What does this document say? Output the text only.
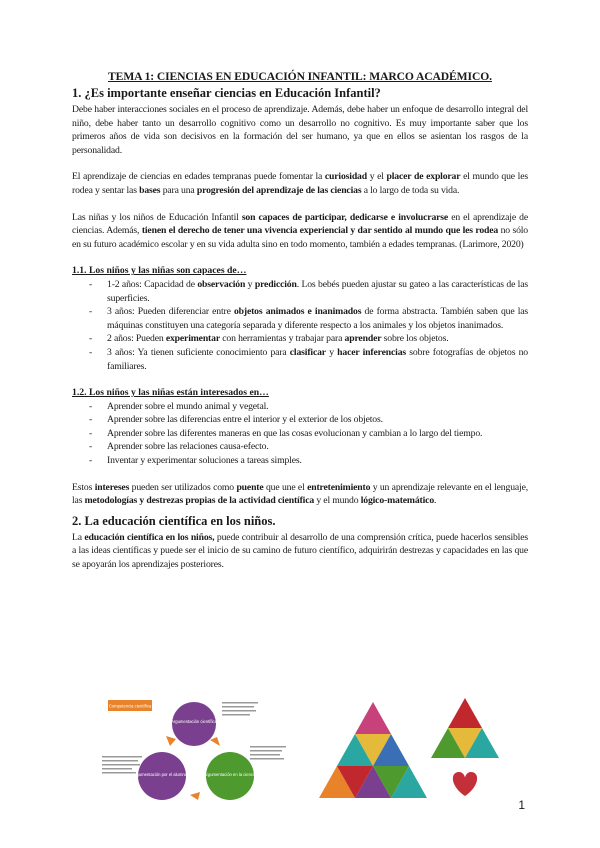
TEMA 1: CIENCIAS EN EDUCACIÓN INFANTIL: MARCO ACADÉMICO.
1. ¿Es importante enseñar ciencias en Educación Infantil?

Debe haber interacciones sociales en el proceso de aprendizaje. Además, debe haber un enfoque de desarrollo integral del niño, debe haber tanto un desarrollo cognitivo como un desarrollo no cognitivo. Es muy importante saber que los primeros años de vida son decisivos en la formación del ser humano, ya que en ellos se asientan los rasgos de la personalidad.

El aprendizaje de ciencias en edades tempranas puede fomentar la curiosidad y el placer de explorar el mundo que les rodea y sentar las bases para una progresión del aprendizaje de las ciencias a lo largo de toda su vida.

Las niñas y los niños de Educación Infantil son capaces de participar, dedicarse e involucrarse en el aprendizaje de ciencias. Además, tienen el derecho de tener una vivencia experiencial y dar sentido al mundo que les rodea no sólo en su futuro académico escolar y en su vida adulta sino en todo momento, también a edades tempranas. (Larimore, 2020)

1.1. Los niños y las niñas son capaces de…
- 1-2 años: Capacidad de observación y predicción. Los bebés pueden ajustar su gateo a las características de las superficies.
- 3 años: Pueden diferenciar entre objetos animados e inanimados de forma abstracta. También saben que las máquinas constituyen una categoría separada y diferente respecto a los animales y los objetos inanimados.
- 2 años: Pueden experimentar con herramientas y trabajar para aprender sobre los objetos.
- 3 años: Ya tienen suficiente conocimiento para clasificar y hacer inferencias sobre fotografías de objetos no familiares.
1.2. Los niños y las niñas están interesados en…
- Aprender sobre el mundo animal y vegetal.
- Aprender sobre las diferencias entre el interior y el exterior de los objetos.
- Aprender sobre las diferentes maneras en que las cosas evolucionan y cambian a lo largo del tiempo.
- Aprender sobre las relaciones causa-efecto.
- Inventar y experimentar soluciones a tareas simples.

Estos intereses pueden ser utilizados como puente que une el entretenimiento y un aprendizaje relevante en el lenguaje, las metodologías y destrezas propias de la actividad científica y el mundo lógico-matemático.

2. La educación científica en los niños.

La educación científica en los niños, puede contribuir al desarrollo de una comprensión crítica, puede hacerlos sensibles a las ideas científicas y puede ser el inicio de su camino de futuro científico, adquirirán destrezas y capacidades en las que se apoyarán los aprendizajes posteriores.

Competencia científica
Argumentación científica
Argumentación por el alumnado	Argumentación en la ciencia
1
